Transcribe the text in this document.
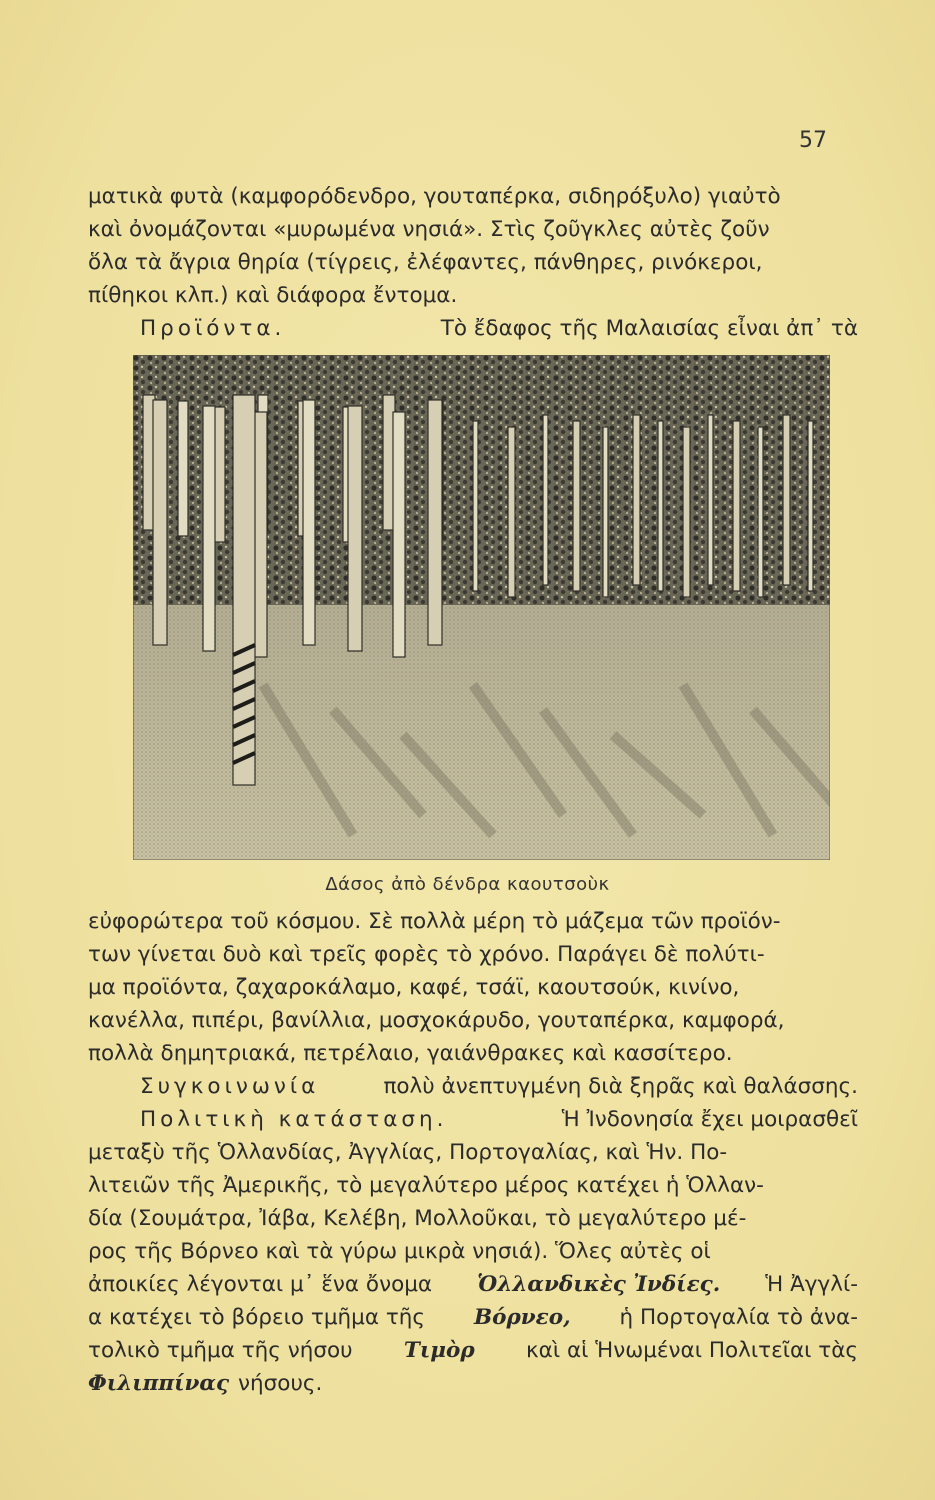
57
ματικὰ φυτὰ (καμφορόδενδρο, γουταπέρκα, σιδηρόξυλο) γιαὐτὸ
καὶ ὀνομάζονται «μυρωμένα νησιά». Στὶς ζοῦγκλες αὐτὲς ζοῦν
ὅλα τὰ ἄγρια θηρία (τίγρεις, ἐλέφαντες, πάνθηρες, ρινόκεροι,
πίθηκοι κλπ.) καὶ διάφορα ἔντομα.
Προϊόντα.	Τὸ ἔδαφος τῆς Μαλαισίας εἶναι ἀπ᾿ τὰ
Δάσος ἀπὸ δένδρα καουτσοὺκ
εὐφορώτερα τοῦ κόσμου. Σὲ πολλὰ μέρη τὸ μάζεμα τῶν προϊόν-
των γίνεται δυὸ καὶ τρεῖς φορὲς τὸ χρόνο. Παράγει δὲ πολύτι-
μα προϊόντα, ζαχαροκάλαμο, καφέ, τσάϊ, καουτσούκ, κινίνο,
κανέλλα, πιπέρι, βανίλλια, μοσχοκάρυδο, γουταπέρκα, καμφορά,
πολλὰ δημητριακά, πετρέλαιο, γαιάνθρακες καὶ κασσίτερο.
Συγκοινωνία	πολὺ ἀνεπτυγμένη διὰ ξηρᾶς καὶ θαλάσσης.
Πολιτικὴ κατάσταση.	Ἡ Ἰνδονησία ἔχει μοιρασθεῖ
μεταξὺ τῆς Ὁλλανδίας, Ἀγγλίας, Πορτογαλίας, καὶ Ἡν. Πο-
λιτειῶν τῆς Ἀμερικῆς, τὸ μεγαλύτερο μέρος κατέχει ἡ Ὁλλαν-
δία (Σουμάτρα, Ἰάβα, Κελέβη, Μολλοῦκαι, τὸ μεγαλύτερο μέ-
ρος τῆς Βόρνεο καὶ τὰ γύρω μικρὰ νησιά). Ὅλες αὐτὲς οἱ
ἀποικίες λέγονται μ᾿ ἕνα ὄνομα Ὁλλανδικὲς Ἰνδίες. Ἡ Ἀγγλί-
α κατέχει τὸ βόρειο τμῆμα τῆς Βόρνεο, ἡ Πορτογαλία τὸ ἀνα-
τολικὸ τμῆμα τῆς νήσου Τιμὸρ καὶ αἱ Ἡνωμέναι Πολιτεῖαι τὰς
Φιλιππίνας νήσους.
